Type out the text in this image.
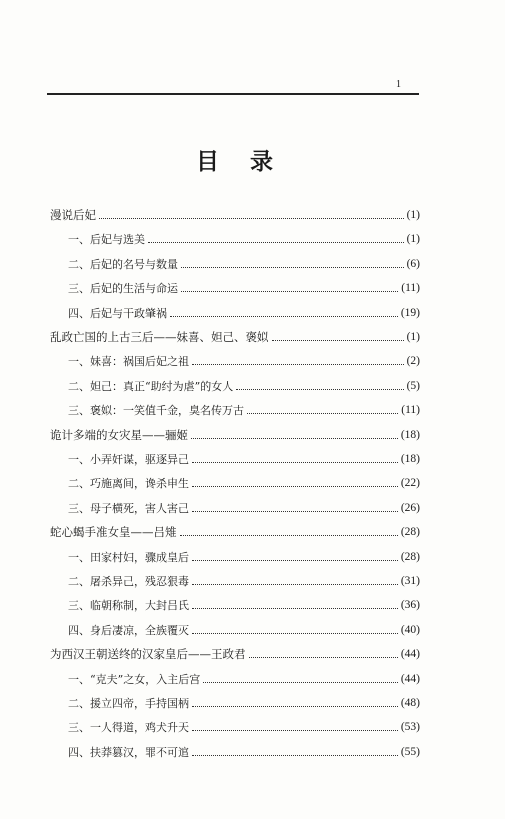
1
目 录
漫说后妃	(1)
一、后妃与选美	(1)
二、后妃的名号与数量	(6)
三、后妃的生活与命运	(11)
四、后妃与干政肇祸	(19)
乱政亡国的上古三后——妹喜、妲己、褒姒	(1)
一、妹喜：祸国后妃之祖	(2)
二、妲己：真正“助纣为虐”的女人	(5)
三、褒姒：一笑值千金，臭名传万古	(11)
诡计多端的女灾星——骊姬	(18)
一、小弄奸谋，驱逐异己	(18)
二、巧施离间，谗杀申生	(22)
三、母子横死，害人害己	(26)
蛇心蝎手准女皇——吕雉	(28)
一、田家村妇，骤成皇后	(28)
二、屠杀异己，残忍狠毒	(31)
三、临朝称制，大封吕氏	(36)
四、身后凄凉，全族覆灭	(40)
为西汉王朝送终的汉家皇后——王政君	(44)
一、“克夫”之女，入主后宫	(44)
二、援立四帝，手持国柄	(48)
三、一人得道，鸡犬升天	(53)
四、扶莽篡汉，罪不可逭	(55)
